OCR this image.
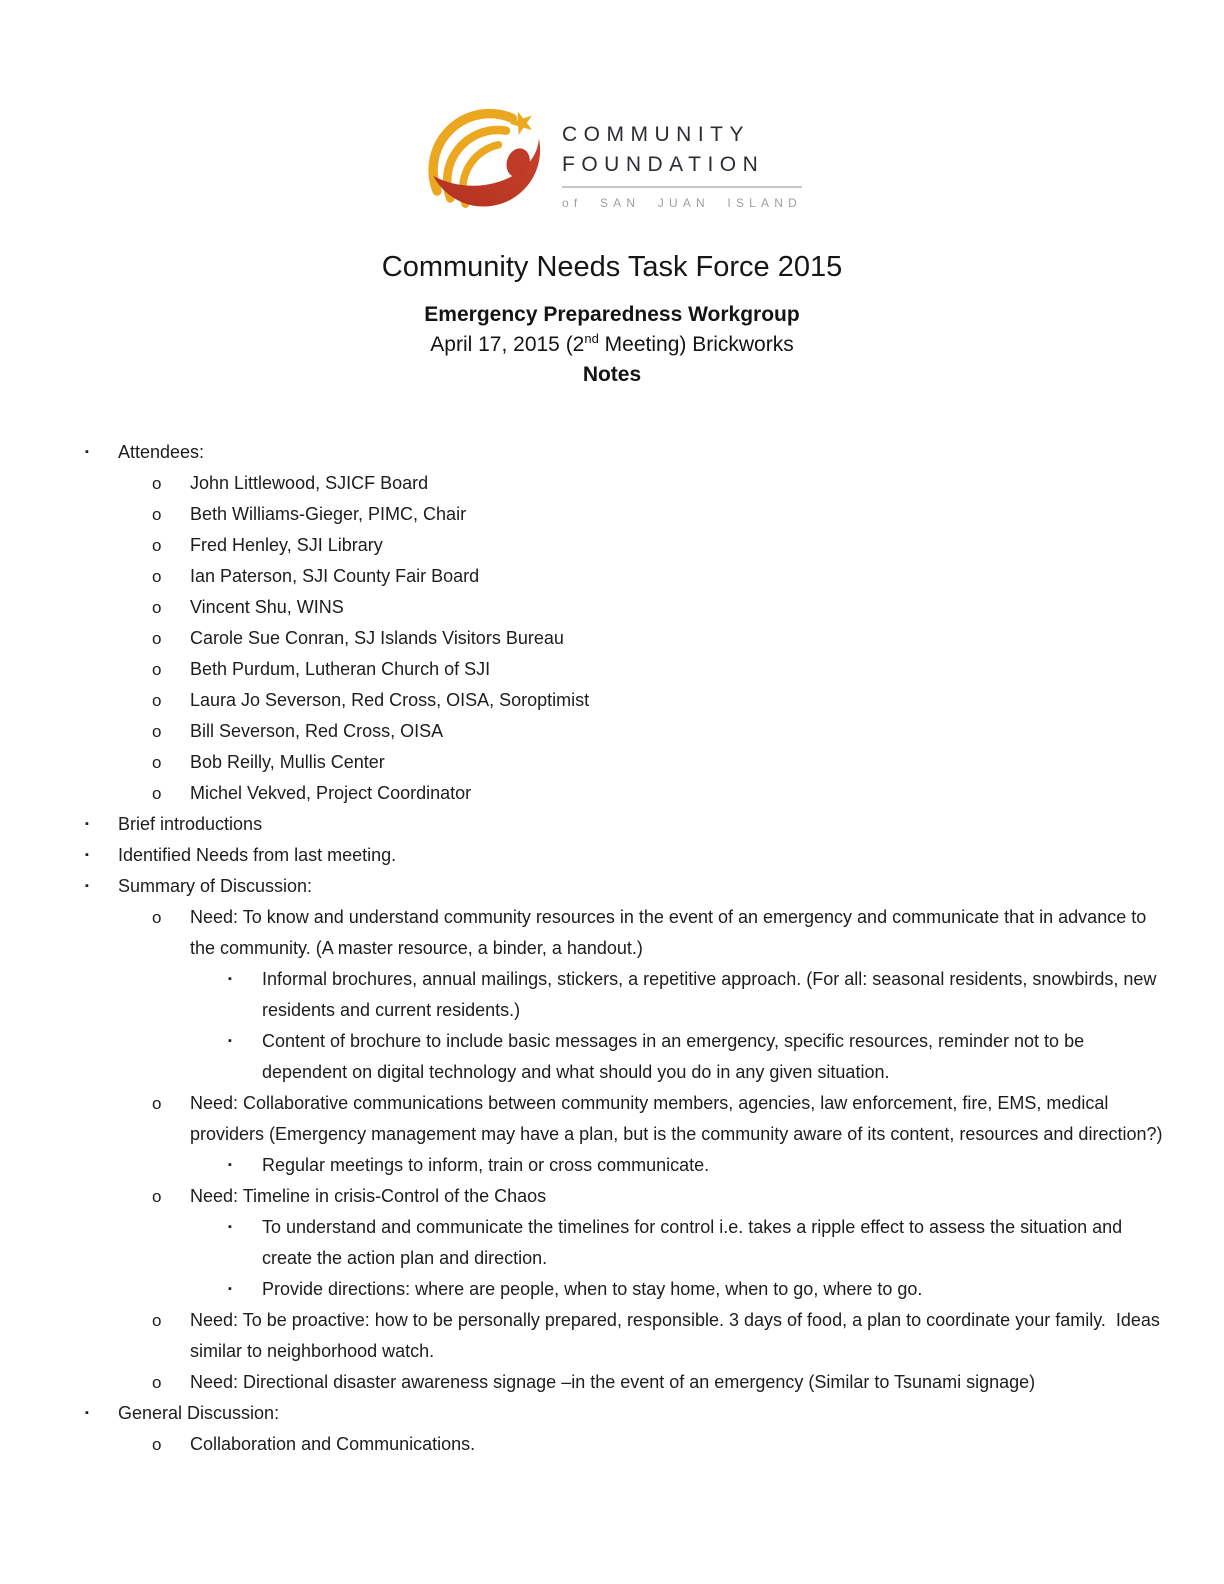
COMMUNITY
FOUNDATION
of SAN JUAN ISLAND
Community Needs Task Force 2015
Emergency Preparedness Workgroup
April 17, 2015 (2nd Meeting) Brickworks
Notes
▪	Attendees:
o	John Littlewood, SJICF Board
o	Beth Williams-Gieger, PIMC, Chair
o	Fred Henley, SJI Library
o	Ian Paterson, SJI County Fair Board
o	Vincent Shu, WINS
o	Carole Sue Conran, SJ Islands Visitors Bureau
o	Beth Purdum, Lutheran Church of SJI
o	Laura Jo Severson, Red Cross, OISA, Soroptimist
o	Bill Severson, Red Cross, OISA
o	Bob Reilly, Mullis Center
o	Michel Vekved, Project Coordinator
▪	Brief introductions
▪	Identified Needs from last meeting.
▪	Summary of Discussion:
o	Need: To know and understand community resources in the event of an emergency and communicate that in advance to the community. (A master resource, a binder, a handout.)
▪	Informal brochures, annual mailings, stickers, a repetitive approach. (For all: seasonal residents, snowbirds, new residents and current residents.)
▪	Content of brochure to include basic messages in an emergency, specific resources, reminder not to be dependent on digital technology and what should you do in any given situation.
o	Need: Collaborative communications between community members, agencies, law enforcement, fire, EMS, medical providers (Emergency management may have a plan, but is the community aware of its content, resources and direction?)
▪	Regular meetings to inform, train or cross communicate.
o	Need: Timeline in crisis-Control of the Chaos
▪	To understand and communicate the timelines for control i.e. takes a ripple effect to assess the situation and create the action plan and direction.
▪	Provide directions: where are people, when to stay home, when to go, where to go.
o	Need: To be proactive: how to be personally prepared, responsible. 3 days of food, a plan to coordinate your family.  Ideas similar to neighborhood watch.
o	Need: Directional disaster awareness signage –in the event of an emergency (Similar to Tsunami signage)
▪	General Discussion:
o	Collaboration and Communications.
